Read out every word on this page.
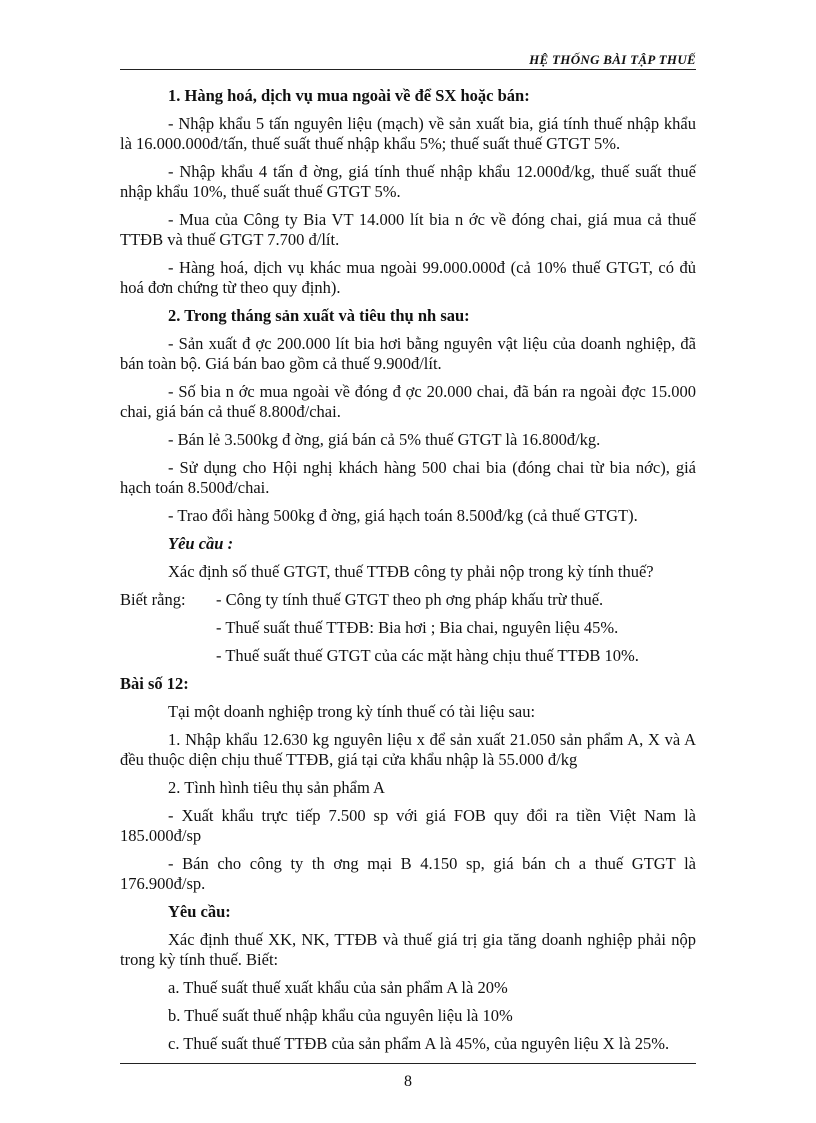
HỆ THỐNG BÀI TẬP THUẾ
1. Hàng hoá, dịch vụ mua ngoài về để SX hoặc bán:
- Nhập khẩu 5 tấn nguyên liệu (mạch) về sản xuất bia, giá tính thuế nhập khẩu là 16.000.000đ/tấn, thuế suất thuế nhập khẩu 5%; thuế suất thuế GTGT 5%.
- Nhập khẩu 4 tấn đ ờng, giá tính thuế nhập khẩu 12.000đ/kg, thuế suất thuế nhập khẩu 10%, thuế suất thuế GTGT 5%.
- Mua của Công ty Bia VT 14.000 lít bia n ớc về đóng chai, giá mua cả thuế TTĐB và thuế GTGT 7.700 đ/lít.
- Hàng hoá, dịch vụ khác mua ngoài 99.000.000đ (cả 10% thuế GTGT, có đủ hoá đơn chứng từ theo quy định).
2. Trong tháng sản xuất và tiêu thụ nh sau:
- Sản xuất đ ợc 200.000 lít bia hơi bằng nguyên vật liệu của doanh nghiệp, đã bán toàn bộ. Giá bán bao gồm cả thuế 9.900đ/lít.
- Số bia n ớc mua ngoài về đóng đ ợc 20.000 chai, đã bán ra ngoài đợc 15.000 chai, giá bán cả thuế 8.800đ/chai.
- Bán lẻ 3.500kg đ ờng, giá bán cả 5% thuế GTGT là 16.800đ/kg.
- Sử dụng cho Hội nghị khách hàng 500 chai bia (đóng chai từ bia nớc), giá hạch toán 8.500đ/chai.
- Trao đổi hàng 500kg đ ờng, giá hạch toán 8.500đ/kg (cả thuế GTGT).
Yêu cầu :
Xác định số thuế GTGT, thuế TTĐB công ty phải nộp trong kỳ tính thuế?
Biết rằng:	- Công ty tính thuế GTGT theo ph ơng pháp khấu trừ thuế.
- Thuế suất thuế TTĐB: Bia hơi ; Bia chai, nguyên liệu 45%.
- Thuế suất thuế GTGT của các mặt hàng chịu thuế TTĐB 10%.
Bài số 12:
Tại một doanh nghiệp trong kỳ tính thuế có tài liệu sau:
1. Nhập khẩu 12.630 kg nguyên liệu x để sản xuất 21.050 sản phẩm A, X và A đều thuộc diện chịu thuế TTĐB, giá tại cửa khẩu nhập là 55.000 đ/kg
2. Tình hình tiêu thụ sản phẩm A
- Xuất khẩu trực tiếp 7.500 sp với giá FOB quy đổi ra tiền Việt Nam là 185.000đ/sp
- Bán cho công ty th ơng mại B 4.150 sp, giá bán ch a thuế GTGT là 176.900đ/sp.
Yêu cầu:
Xác định thuế XK, NK, TTĐB và thuế giá trị gia tăng doanh nghiệp phải nộp trong kỳ tính thuế. Biết:
a. Thuế suất thuế xuất khẩu của sản phẩm A là 20%
b. Thuế suất thuế nhập khẩu của nguyên liệu là 10%
c. Thuế suất thuế TTĐB của sản phẩm A là 45%, của nguyên liệu X là 25%.
8
